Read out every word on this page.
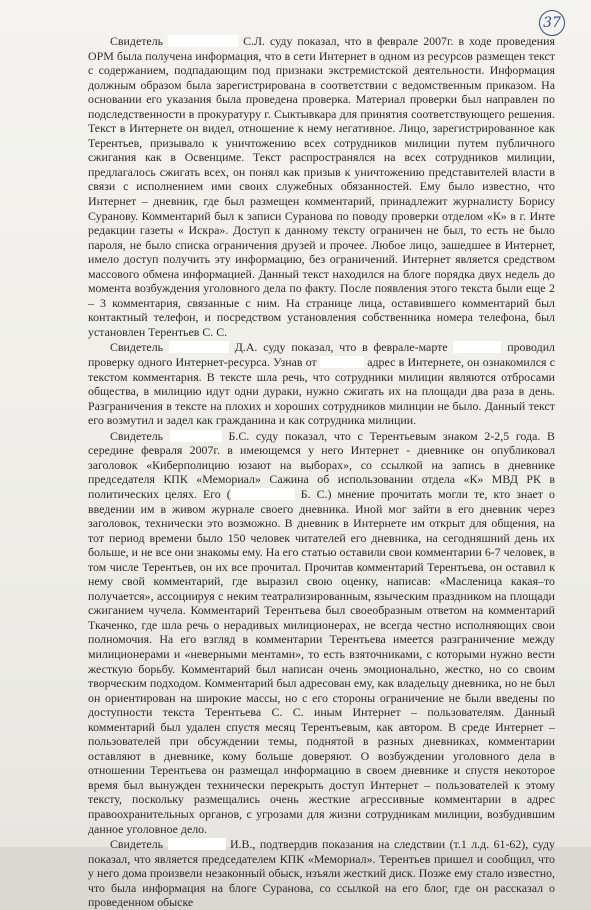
37

Свидетель	С.Л. суду показал, что в феврале 2007г. в ходе проведения ОРМ была получена информация, что в сети Интернет в одном из ресурсов размещен текст с содержанием, подпадающим под признаки экстремистской деятельности. Информация должным образом была зарегистрирована в соответствии с ведомственным приказом. На основании его указания была проведена проверка. Материал проверки был направлен по подследственности в прокуратуру г. Сыктывкара для принятия соответствующего решения. Текст в Интернете он видел, отношение к нему негативное. Лицо, зарегистрированное как Терентьев, призывало к уничтожению всех сотрудников милиции путем публичного сжигания как в Освенциме. Текст распространялся на всех сотрудников милиции, предлагалось сжигать всех, он понял как призыв к уничтожению представителей власти в связи с исполнением ими своих служебных обязанностей. Ему было известно, что Интернет – дневник, где был размещен комментарий, принадлежит журналисту Борису Суранову. Комментарий был к записи Суранова по поводу проверки отделом «К» в г. Инте редакции газеты « Искра». Доступ к данному тексту ограничен не был, то есть не было пароля, не было списка ограничения друзей и прочее. Любое лицо, зашедшее в Интернет, имело доступ получить эту информацию, без ограничений. Интернет является средством массового обмена информацией. Данный текст находился на блоге порядка двух недель до момента возбуждения уголовного дела по факту. После появления этого текста были еще 2 – 3 комментария, связанные с ним. На странице лица, оставившего комментарий был контактный телефон, и посредством установления собственника номера телефона, был установлен Терентьев С. С.

Свидетель	Д.А. суду показал, что в феврале-марте	проводил проверку одного Интернет-ресурса. Узнав от	адрес в Интернете, он ознакомился с текстом комментария. В тексте шла речь, что сотрудники милиции являются отбросами общества, в милицию идут одни дураки, нужно сжигать их на площади два раза в день. Разграничения в тексте на плохих и хороших сотрудников милиции не было. Данный текст его возмутил и задел как гражданина и как сотрудника милиции.

Свидетель	Б.С. суду показал, что с Терентьевым знаком 2-2,5 года. В середине февраля 2007г. в имеющемся у него Интернет - дневнике он опубликовал заголовок «Киберполицию юзают на выборах», со ссылкой на запись в дневнике председателя КПК «Мемориал» Сажина об использовании отдела «К» МВД РК в политических целях. Его (	Б. С.) мнение прочитать могли те, кто знает о введении им в живом журнале своего дневника. Иной мог зайти в его дневник через заголовок, технически это возможно. В дневник в Интернете им открыт для общения, на тот период времени было 150 человек читателей его дневника, на сегодняшний день их больше, и не все они знакомы ему. На его статью оставили свои комментарии 6-7 человек, в том числе Терентьев, он их все прочитал. Прочитав комментарий Терентьева, он оставил к нему свой комментарий, где выразил свою оценку, написав: «Масленица какая–то получается», ассоциируя с неким театрализированным, языческим праздником на площади сжиганием чучела. Комментарий Терентьева был своеобразным ответом на комментарий Ткаченко, где шла речь о нерадивых милиционерах, не всегда честно исполняющих свои полномочия. На его взгляд в комментарии Терентьева имеется разграничение между милиционерами и «неверными ментами», то есть взяточниками, с которыми нужно вести жесткую борьбу. Комментарий был написан очень эмоционально, жестко, но со своим творческим подходом. Комментарий был адресован ему, как владельцу дневника, но не был он ориентирован на широкие массы, но с его стороны ограничение не были введены по доступности текста Терентьева С. С. иным Интернет – пользователям. Данный комментарий был удален спустя месяц Терентьевым, как автором. В среде Интернет – пользователей при обсуждении темы, поднятой в разных дневниках, комментарии оставляют в дневнике, кому больше доверяют. О возбуждении уголовного дела в отношении Терентьева он размещал информацию в своем дневнике и спустя некоторое время был вынужден технически перекрыть доступ Интернет – пользователей к этому тексту, поскольку размещались очень жесткие агрессивные комментарии в адрес правоохранительных органов, с угрозами для жизни сотрудникам милиции, возбудившим данное уголовное дело.

Свидетель	И.В., подтвердив показания на следствии (т.1 л.д. 61-62), суду показал, что является председателем КПК «Мемориал». Терентьев пришел и сообщил, что у него дома произвели незаконный обыск, изъяли жесткий диск. Позже ему стало известно, что была информация на блоге Суранова, со ссылкой на его блог, где он рассказал о проведенном обыске
